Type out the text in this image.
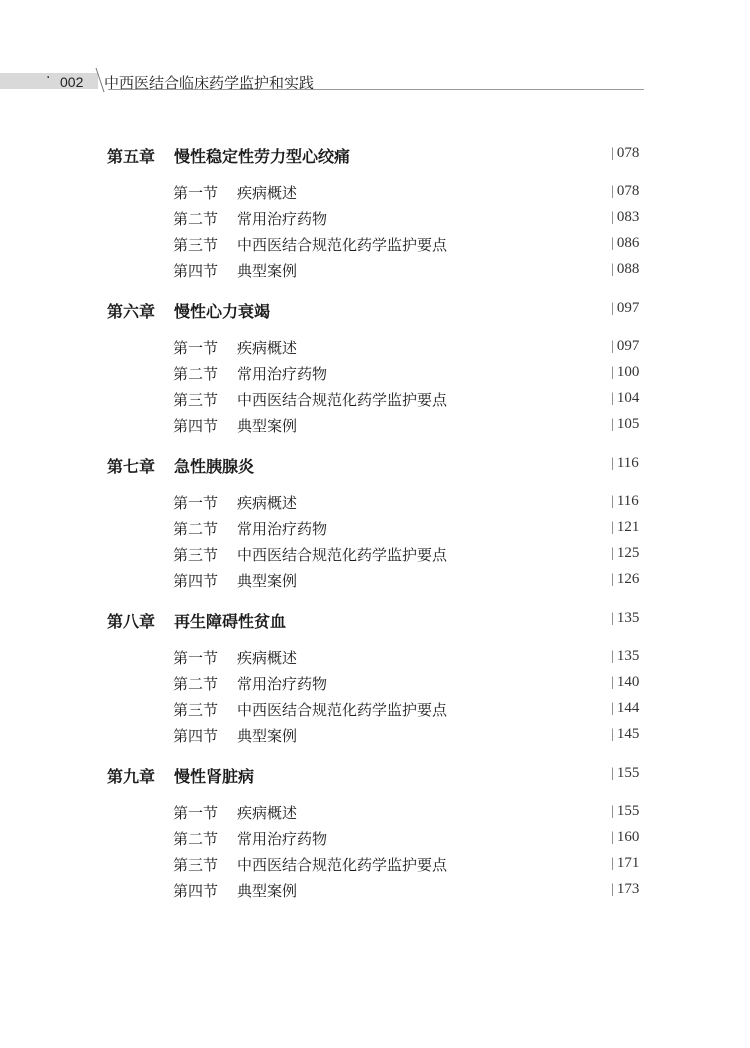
· 002 中西医结合临床药学监护和实践
第五章 慢性稳定性劳力型心绞痛	| 078
第一节 疾病概述	| 078
第二节 常用治疗药物	| 083
第三节 中西医结合规范化药学监护要点	| 086
第四节 典型案例	| 088
第六章 慢性心力衰竭	| 097
第一节 疾病概述	| 097
第二节 常用治疗药物	| 100
第三节 中西医结合规范化药学监护要点	| 104
第四节 典型案例	| 105
第七章 急性胰腺炎	| 116
第一节 疾病概述	| 116
第二节 常用治疗药物	| 121
第三节 中西医结合规范化药学监护要点	| 125
第四节 典型案例	| 126
第八章 再生障碍性贫血	| 135
第一节 疾病概述	| 135
第二节 常用治疗药物	| 140
第三节 中西医结合规范化药学监护要点	| 144
第四节 典型案例	| 145
第九章 慢性肾脏病	| 155
第一节 疾病概述	| 155
第二节 常用治疗药物	| 160
第三节 中西医结合规范化药学监护要点	| 171
第四节 典型案例	| 173
